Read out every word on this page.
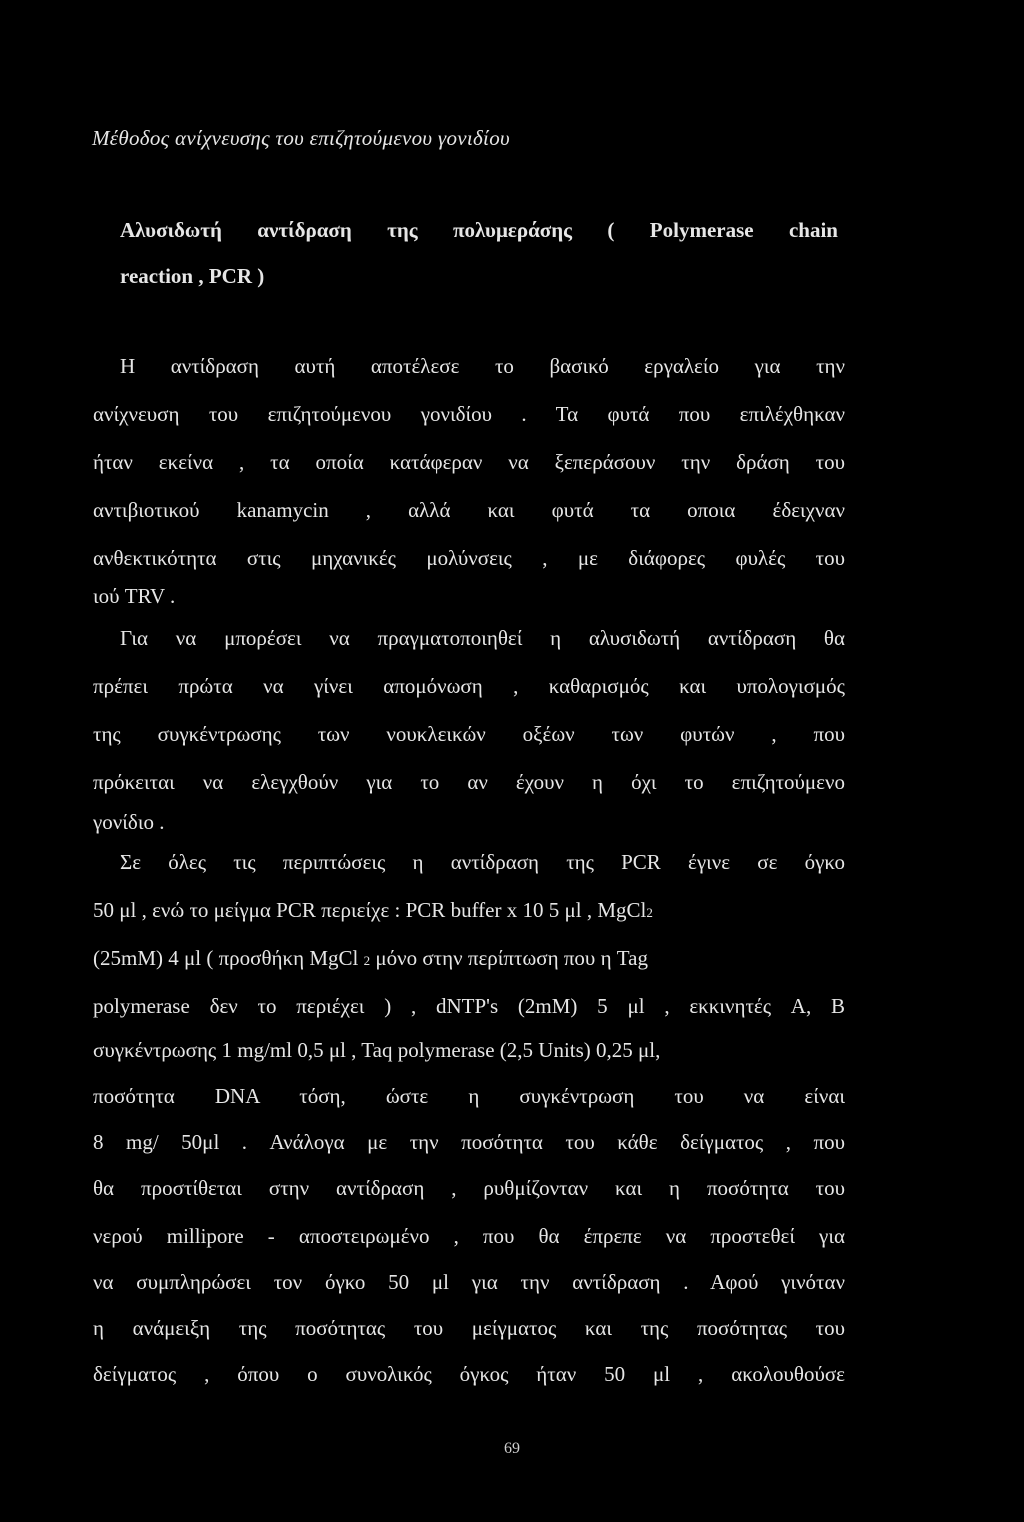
Μέθοδος ανίχνευσης του επιζητούμενου γονιδίου

Αλυσιδωτή αντίδραση της πολυμεράσης ( Polymerase chain

reaction , PCR )

Η αντίδραση αυτή αποτέλεσε το βασικό εργαλείο για την

ανίχνευση του επιζητούμενου γονιδίου . Τα φυτά που επιλέχθηκαν

ήταν εκείνα , τα οποία κατάφεραν να ξεπεράσουν την δράση του

αντιβιοτικού kanamycin , αλλά και φυτά τα οποια έδειχναν

ανθεκτικότητα στις μηχανικές μολύνσεις , με διάφορες φυλές του

ιού TRV .

Για να μπορέσει να πραγματοποιηθεί η αλυσιδωτή αντίδραση θα

πρέπει πρώτα να γίνει απομόνωση , καθαρισμός και υπολογισμός

της συγκέντρωσης των νουκλεικών οξέων των φυτών , που

πρόκειται να ελεγχθούν για το αν έχουν η όχι το επιζητούμενο

γονίδιο .

Σε όλες τις περιπτώσεις η αντίδραση της PCR έγινε σε όγκο

50 μl , ενώ το μείγμα PCR περιείχε : PCR buffer x 10 5 μl , MgCl2

(25mM) 4 μl ( προσθήκη MgCl 2 μόνο στην περίπτωση που η Tag

polymerase δεν το περιέχει ) , dNTP's (2mM) 5 μl , εκκινητές A, B

συγκέντρωσης 1 mg/ml 0,5 μl , Taq polymerase (2,5 Units) 0,25 μl,

ποσότητα DNA τόση, ώστε η συγκέντρωση του να είναι

8 mg/ 50μl . Ανάλογα με την ποσότητα του κάθε δείγματος , που

θα προστίθεται στην αντίδραση , ρυθμίζονταν και η ποσότητα του

νερού millipore - αποστειρωμένο , που θα έπρεπε να προστεθεί για

να συμπληρώσει τον όγκο 50 μl για την αντίδραση . Αφού γινόταν

η ανάμειξη της ποσότητας του μείγματος και της ποσότητας του

δείγματος , όπου ο συνολικός όγκος ήταν 50 μl , ακολουθούσε

69
